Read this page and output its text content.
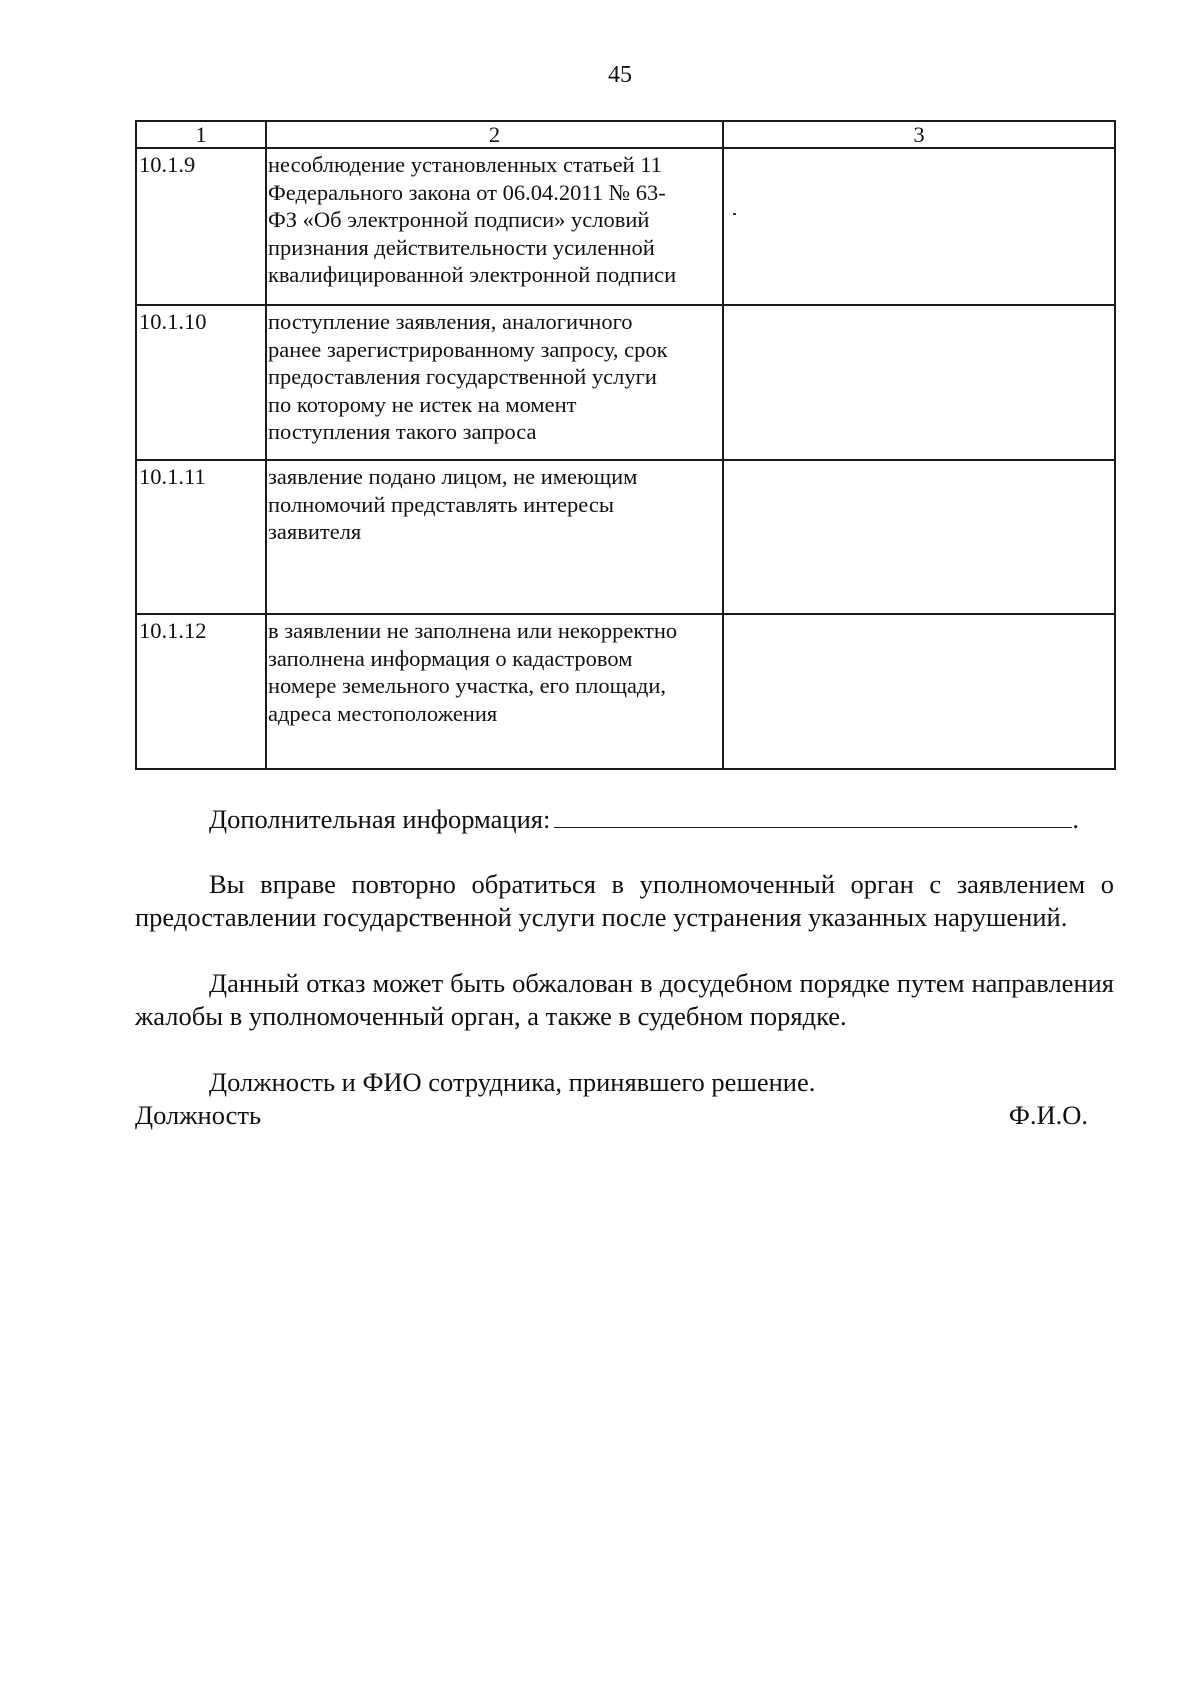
45
1	2	3
10.1.9	несоблюдение установленных статьей 11
Федерального закона от 06.04.2011 № 63-
ФЗ «Об электронной подписи» условий
признания действительности усиленной
квалифицированной электронной подписи	

10.1.10	поступление заявления, аналогичного
ранее зарегистрированному запросу, срок
предоставления государственной услуги
по которому не истек на момент
поступления такого запроса	

10.1.11	заявление подано лицом, не имеющим
полномочий представлять интересы
заявителя	

10.1.12	в заявлении не заполнена или некорректно
заполнена информация о кадастровом
номере земельного участка, его площади,
адреса местоположения	

Дополнительная информация:	.

Вы вправе повторно обратиться в уполномоченный орган с заявлением о предоставлении государственной услуги после устранения указанных нарушений.

Данный отказ может быть обжалован в досудебном порядке путем направления жалобы в уполномоченный орган, а также в судебном порядке.

Должность и ФИО сотрудника, принявшего решение.
Должность	Ф.И.О.
